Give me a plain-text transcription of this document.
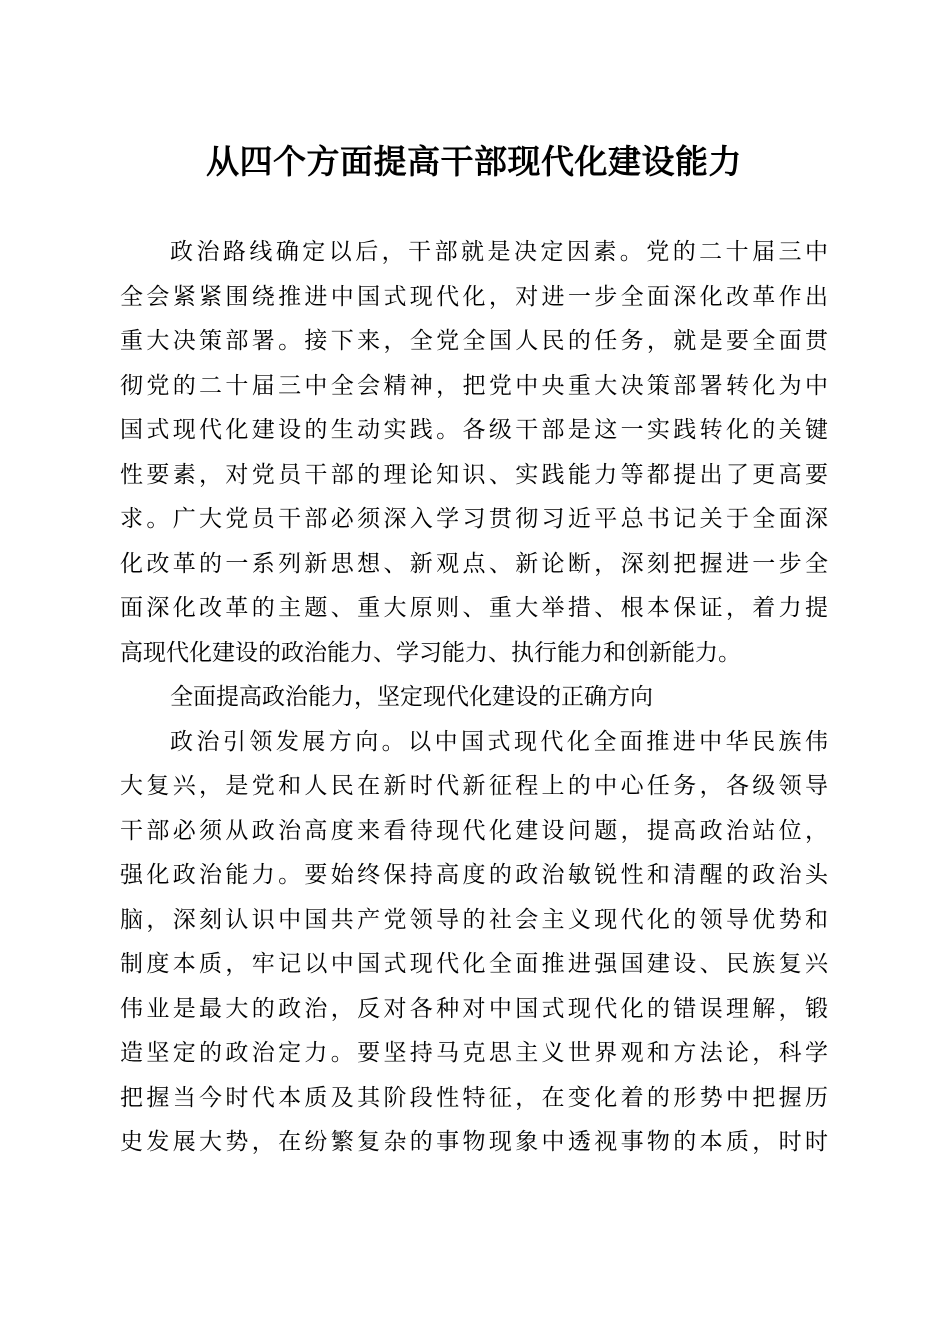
从四个方面提高干部现代化建设能力
政治路线确定以后，干部就是决定因素。党的二十届三中
全会紧紧围绕推进中国式现代化，对进一步全面深化改革作出
重大决策部署。接下来，全党全国人民的任务，就是要全面贯
彻党的二十届三中全会精神，把党中央重大决策部署转化为中
国式现代化建设的生动实践。各级干部是这一实践转化的关键
性要素，对党员干部的理论知识、实践能力等都提出了更高要
求。广大党员干部必须深入学习贯彻习近平总书记关于全面深
化改革的一系列新思想、新观点、新论断，深刻把握进一步全
面深化改革的主题、重大原则、重大举措、根本保证，着力提
高现代化建设的政治能力、学习能力、执行能力和创新能力。
全面提高政治能力，坚定现代化建设的正确方向
政治引领发展方向。以中国式现代化全面推进中华民族伟
大复兴，是党和人民在新时代新征程上的中心任务，各级领导
干部必须从政治高度来看待现代化建设问题，提高政治站位，
强化政治能力。要始终保持高度的政治敏锐性和清醒的政治头
脑，深刻认识中国共产党领导的社会主义现代化的领导优势和
制度本质，牢记以中国式现代化全面推进强国建设、民族复兴
伟业是最大的政治，反对各种对中国式现代化的错误理解，锻
造坚定的政治定力。要坚持马克思主义世界观和方法论，科学
把握当今时代本质及其阶段性特征，在变化着的形势中把握历
史发展大势，在纷繁复杂的事物现象中透视事物的本质，时时
